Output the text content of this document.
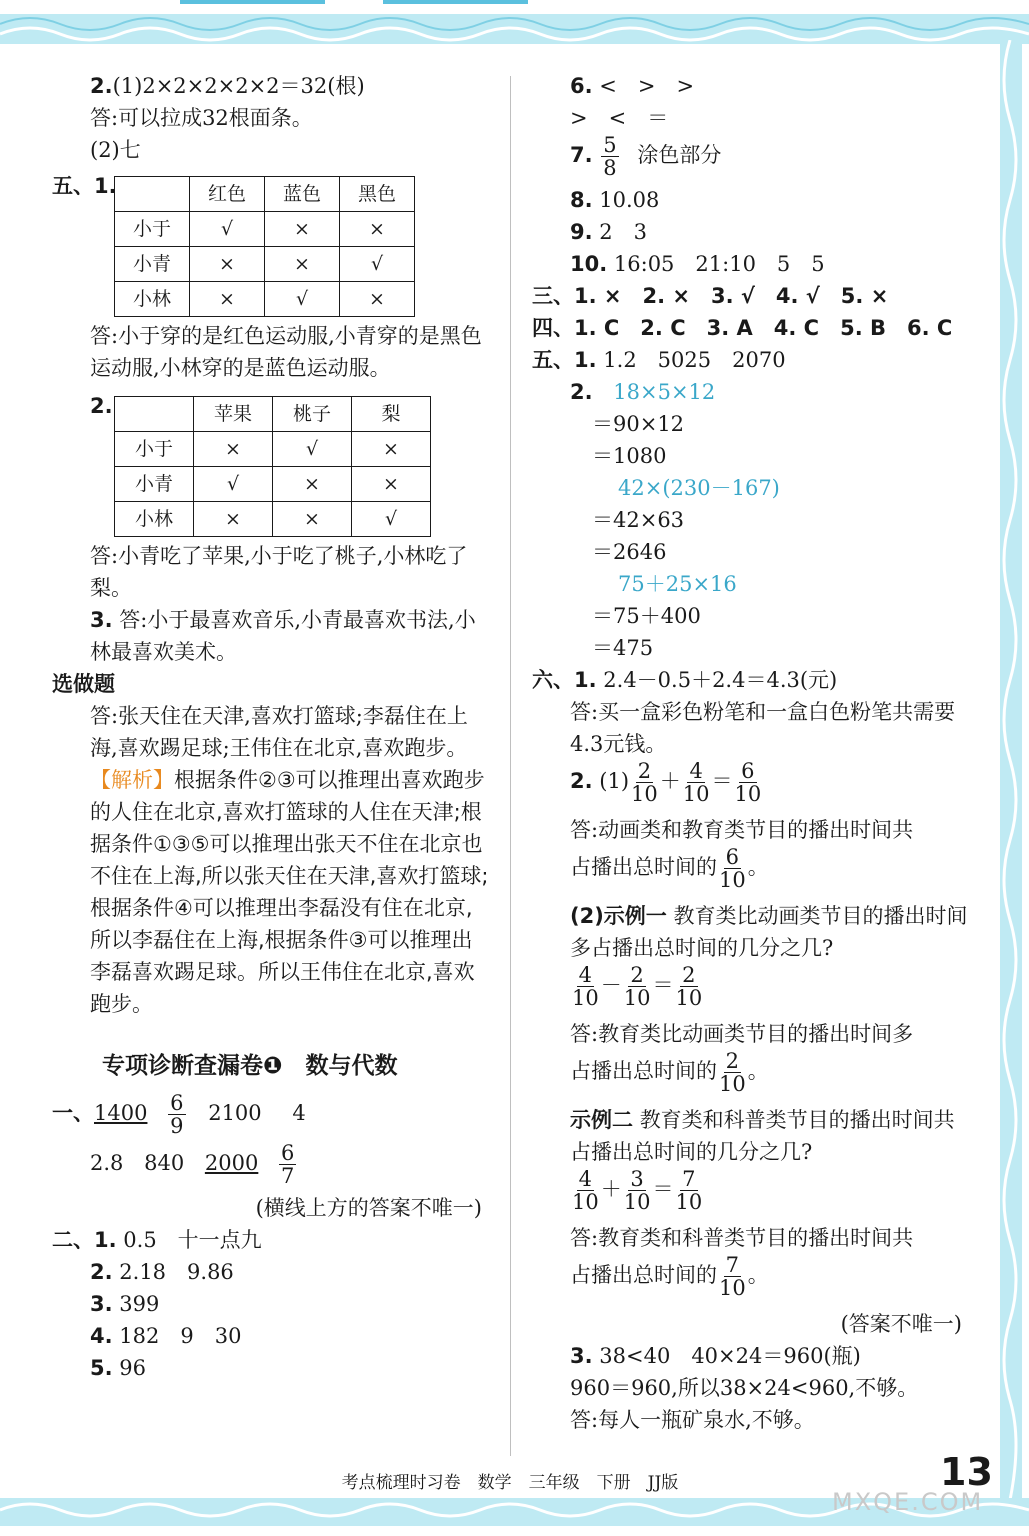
2.(1)2×2×2×2×2＝32(根)
答:可以拉成32根面条。
(2)七
五、1.
		红色	蓝色	黑色
小于	√	×	×
小青	×	×	√
小林	×	√	×
答:小于穿的是红色运动服,小青穿的是黑色运动服,小林穿的是蓝色运动服。
2.
		苹果	桃子	梨
小于	×	√	×
小青	√	×	×
小林	×	×	√
答:小青吃了苹果,小于吃了桃子,小林吃了梨。
3. 答:小于最喜欢音乐,小青最喜欢书法,小林最喜欢美术。
选做题
答:张天住在天津,喜欢打篮球;李磊住在上海,喜欢踢足球;王伟住在北京,喜欢跑步。
【解析】根据条件②③可以推理出喜欢跑步的人住在北京,喜欢打篮球的人住在天津;根据条件①③⑤可以推理出张天不住在北京也不住在上海,所以张天住在天津,喜欢打篮球;根据条件④可以推理出李磊没有住在北京,所以李磊住在上海,根据条件③可以推理出李磊喜欢踢足球。所以王伟住在北京,喜欢跑步。
专项诊断查漏卷❶　数与代数
一、$1400 \frac{6}{9} 2100$ 4
2.8 840 $2000 \frac{6}{7}$
(横线上方的答案不唯一)
二、1. 0.5　十一点九
2. 2.18　9.86
3. 399
4. 182　9　30
5. 96
6. <　>　>
>　<　＝
7. $\frac{5}{8}$ 涂色部分
8. 10.08
9. 2　3
10. 16:05　21:10　5　5
三、1. ×　2. ×　3. √　4. √　5. ×
四、1. C　2. C　3. A　4. C　5. B　6. C
五、1. 1.2　5025　2070
2. 18×5×12
＝90×12
＝1080
42×(230－167)
＝42×63
＝2646
75＋25×16
＝75＋400
＝475
六、1. 2.4－0.5＋2.4＝4.3(元)
答:买一盒彩色粉笔和一盒白色粉笔共需要4.3元钱。
2. $(1) \frac{2}{10} + \frac{4}{10} = \frac{6}{10}$
答:动画类和教育类节目的播出时间共
占播出总时间的 $\frac{6}{10}$ 。
(2)示例一 教育类比动画类节目的播出时间多占播出总时间的几分之几?
$\frac{4}{10} - \frac{2}{10} = \frac{2}{10}$
答:教育类比动画类节目的播出时间多
占播出总时间的 $\frac{2}{10}$ 。
示例二 教育类和科普类节目的播出时间共占播出总时间的几分之几?
$\frac{4}{10} + \frac{3}{10} = \frac{7}{10}$
答:教育类和科普类节目的播出时间共
占播出总时间的 $\frac{7}{10}$ 。
(答案不唯一)
3. 38<40　40×24＝960(瓶)
960＝960,所以38×24<960,不够。
答:每人一瓶矿泉水,不够。
考点梳理时习卷　数学　三年级　下册　JJ版	13
MXQE.COM
